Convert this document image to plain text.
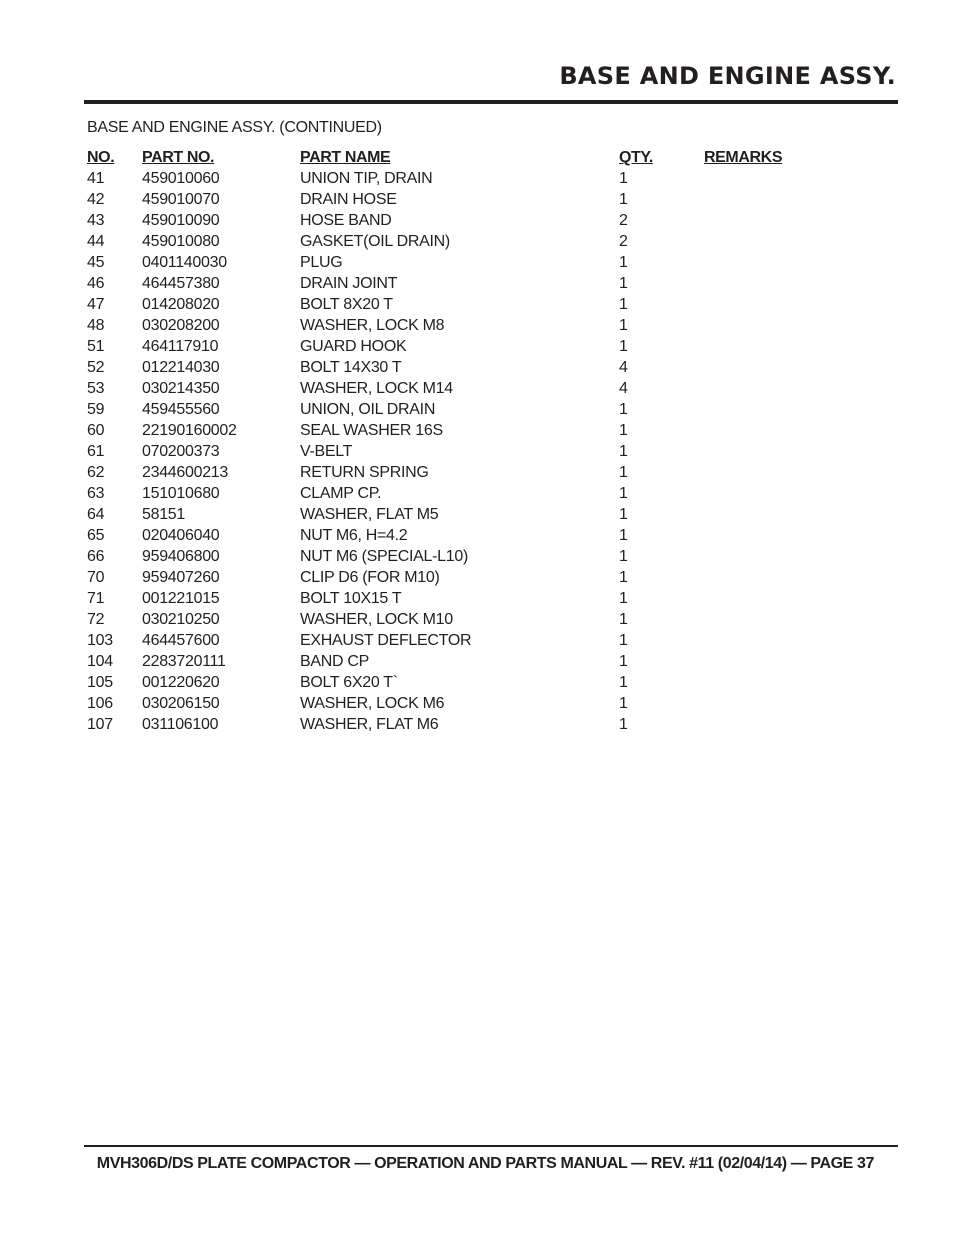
BASE AND ENGINE ASSY.

BASE AND ENGINE ASSY. (CONTINUED)

NO.	PART NO.	PART NAME	QTY.	REMARKS
41	459010060	UNION TIP, DRAIN	1	
42	459010070	DRAIN HOSE	1	
43	459010090	HOSE BAND	2	
44	459010080	GASKET(OIL DRAIN)	2	
45	0401140030	PLUG	1	
46	464457380	DRAIN JOINT	1	
47	014208020	BOLT 8X20 T	1	
48	030208200	WASHER, LOCK M8	1	
51	464117910	GUARD HOOK	1	
52	012214030	BOLT 14X30 T	4	
53	030214350	WASHER, LOCK M14	4	
59	459455560	UNION, OIL DRAIN	1	
60	22190160002	SEAL WASHER 16S	1	
61	070200373	V-BELT	1	
62	2344600213	RETURN SPRING	1	
63	151010680	CLAMP CP.	1	
64	58151	WASHER, FLAT M5	1	
65	020406040	NUT M6, H=4.2	1	
66	959406800	NUT M6 (SPECIAL-L10)	1	
70	959407260	CLIP D6 (FOR M10)	1	
71	001221015	BOLT 10X15 T	1	
72	030210250	WASHER, LOCK M10	1	
103	464457600	EXHAUST DEFLECTOR	1	
104	2283720111	BAND CP	1	
105	001220620	BOLT 6X20 T`	1	
106	030206150	WASHER, LOCK M6	1	
107	031106100	WASHER, FLAT M6	1	

MVH306D/DS PLATE COMPACTOR — OPERATION AND PARTS MANUAL — REV. #11 (02/04/14) — PAGE 37
